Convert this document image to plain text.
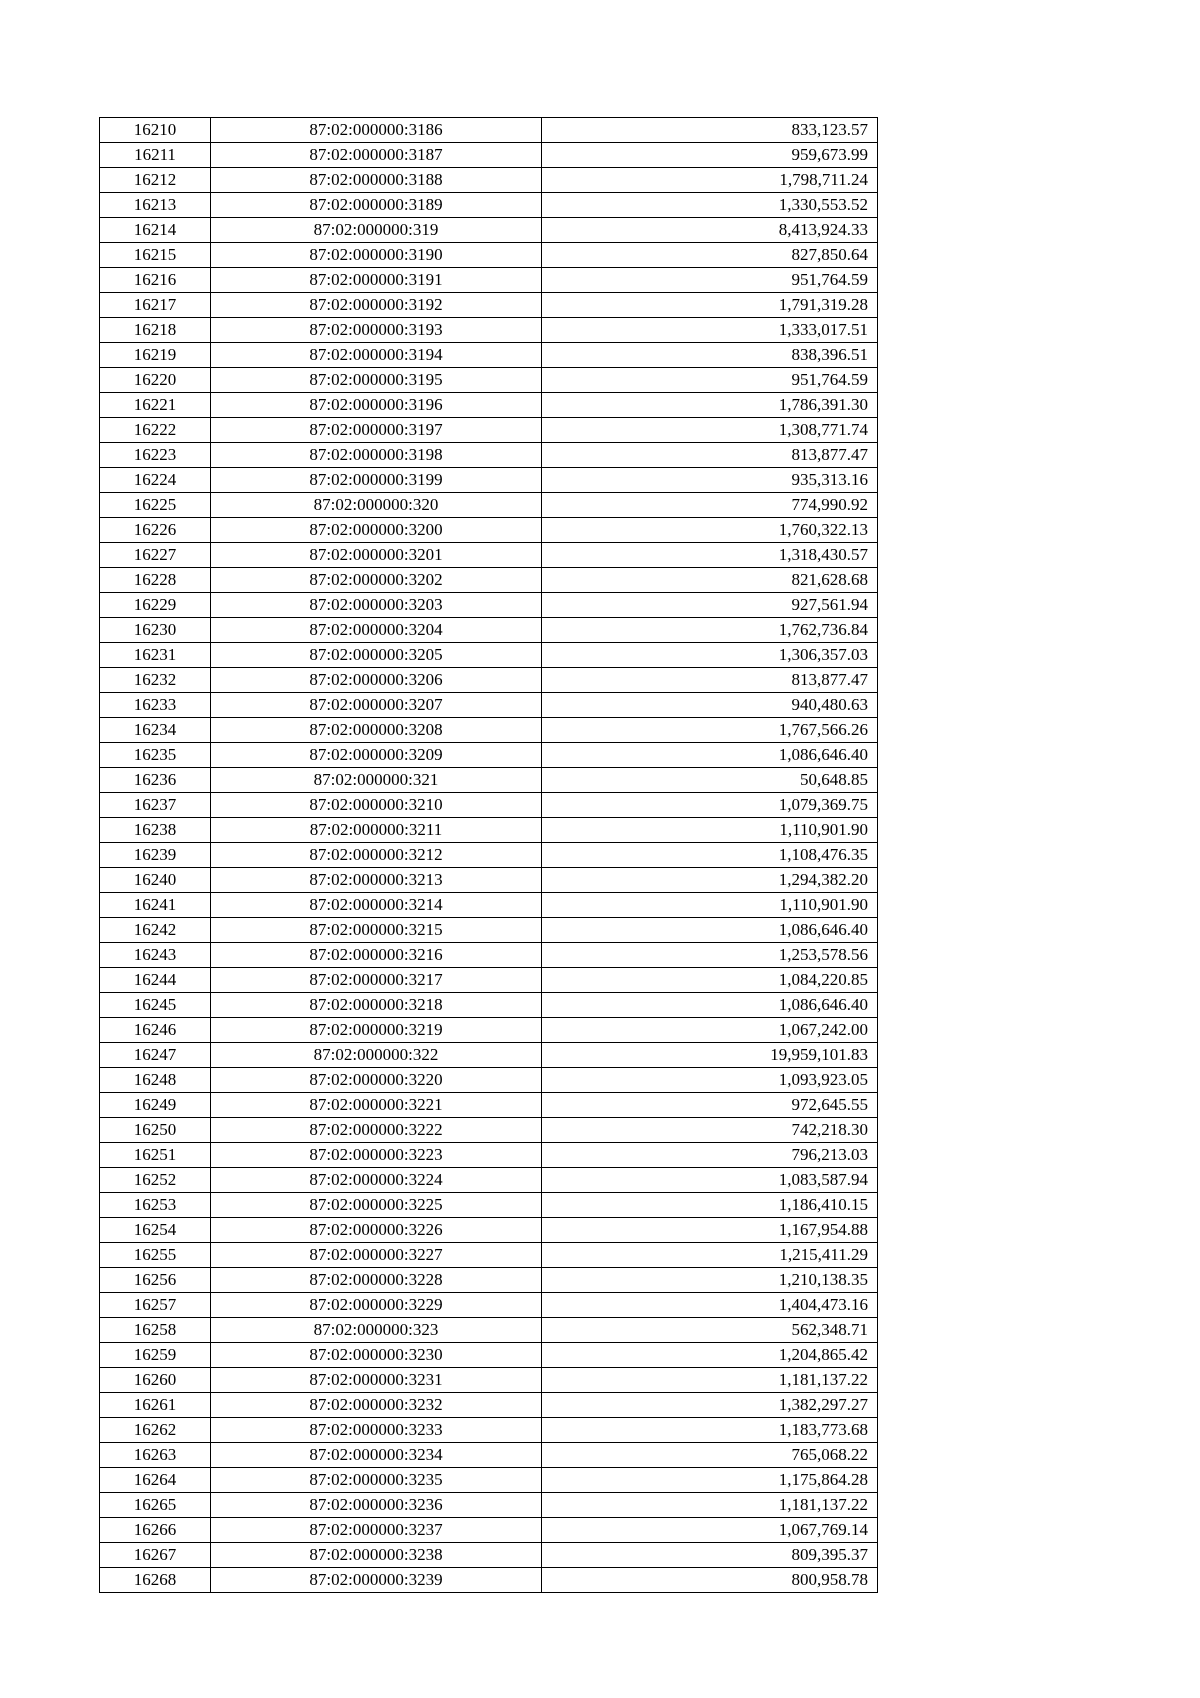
16210	87:02:000000:3186	833,123.57
16211	87:02:000000:3187	959,673.99
16212	87:02:000000:3188	1,798,711.24
16213	87:02:000000:3189	1,330,553.52
16214	87:02:000000:319	8,413,924.33
16215	87:02:000000:3190	827,850.64
16216	87:02:000000:3191	951,764.59
16217	87:02:000000:3192	1,791,319.28
16218	87:02:000000:3193	1,333,017.51
16219	87:02:000000:3194	838,396.51
16220	87:02:000000:3195	951,764.59
16221	87:02:000000:3196	1,786,391.30
16222	87:02:000000:3197	1,308,771.74
16223	87:02:000000:3198	813,877.47
16224	87:02:000000:3199	935,313.16
16225	87:02:000000:320	774,990.92
16226	87:02:000000:3200	1,760,322.13
16227	87:02:000000:3201	1,318,430.57
16228	87:02:000000:3202	821,628.68
16229	87:02:000000:3203	927,561.94
16230	87:02:000000:3204	1,762,736.84
16231	87:02:000000:3205	1,306,357.03
16232	87:02:000000:3206	813,877.47
16233	87:02:000000:3207	940,480.63
16234	87:02:000000:3208	1,767,566.26
16235	87:02:000000:3209	1,086,646.40
16236	87:02:000000:321	50,648.85
16237	87:02:000000:3210	1,079,369.75
16238	87:02:000000:3211	1,110,901.90
16239	87:02:000000:3212	1,108,476.35
16240	87:02:000000:3213	1,294,382.20
16241	87:02:000000:3214	1,110,901.90
16242	87:02:000000:3215	1,086,646.40
16243	87:02:000000:3216	1,253,578.56
16244	87:02:000000:3217	1,084,220.85
16245	87:02:000000:3218	1,086,646.40
16246	87:02:000000:3219	1,067,242.00
16247	87:02:000000:322	19,959,101.83
16248	87:02:000000:3220	1,093,923.05
16249	87:02:000000:3221	972,645.55
16250	87:02:000000:3222	742,218.30
16251	87:02:000000:3223	796,213.03
16252	87:02:000000:3224	1,083,587.94
16253	87:02:000000:3225	1,186,410.15
16254	87:02:000000:3226	1,167,954.88
16255	87:02:000000:3227	1,215,411.29
16256	87:02:000000:3228	1,210,138.35
16257	87:02:000000:3229	1,404,473.16
16258	87:02:000000:323	562,348.71
16259	87:02:000000:3230	1,204,865.42
16260	87:02:000000:3231	1,181,137.22
16261	87:02:000000:3232	1,382,297.27
16262	87:02:000000:3233	1,183,773.68
16263	87:02:000000:3234	765,068.22
16264	87:02:000000:3235	1,175,864.28
16265	87:02:000000:3236	1,181,137.22
16266	87:02:000000:3237	1,067,769.14
16267	87:02:000000:3238	809,395.37
16268	87:02:000000:3239	800,958.78
